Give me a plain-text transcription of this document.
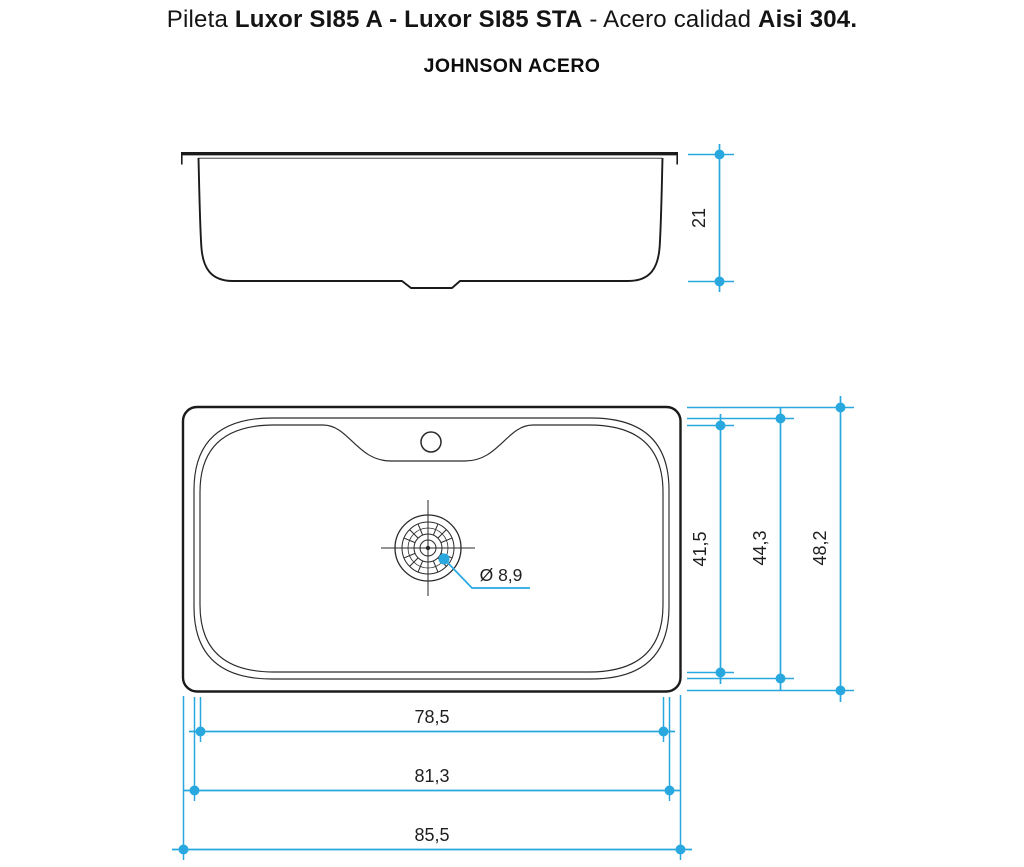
Pileta Luxor SI85 A - Luxor SI85 STA - Acero calidad Aisi 304.
JOHNSON ACERO
21
Ø 8,9
78,5
81,3
85,5
41,5 44,3 48,2
